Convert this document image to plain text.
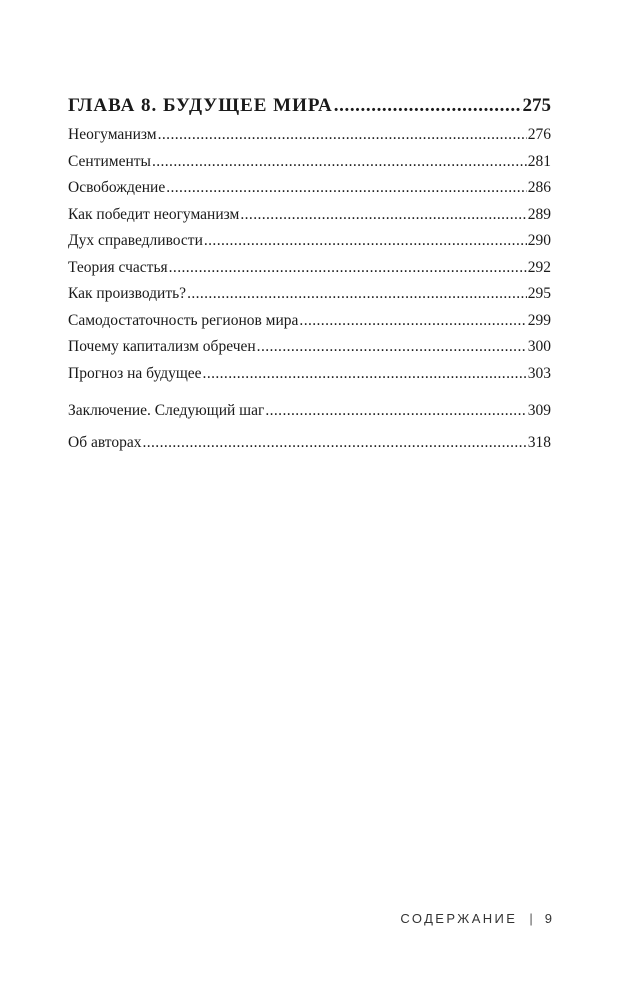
ГЛАВА 8. БУДУЩЕЕ МИРА .....	275
Неогуманизм .....	276
Сентименты .....	281
Освобождение .....	286
Как победит неогуманизм .....	289
Дух справедливости .....	290
Теория счастья .....	292
Как производить? .....	295
Самодостаточность регионов мира .....	299
Почему капитализм обречен .....	300
Прогноз на будущее .....	303
Заключение. Следующий шаг .....	309
Об авторах .....	318
СОДЕРЖАНИЕ | 9
